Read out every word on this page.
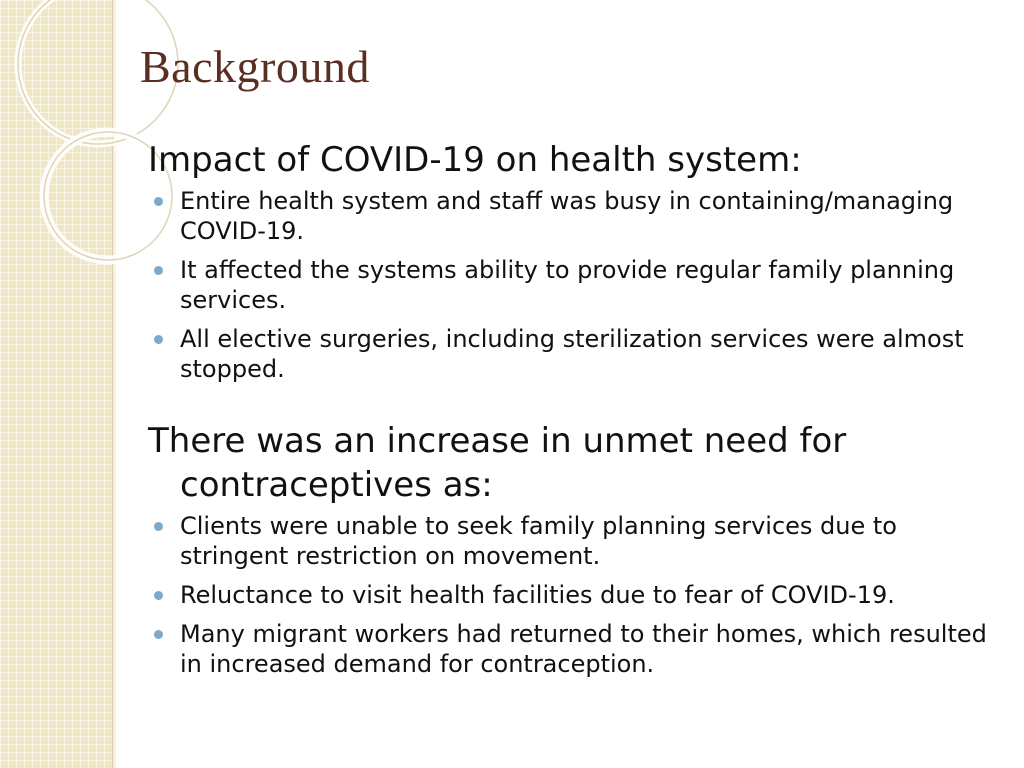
Background

Impact of COVID-19 on health system:

Entire health system and staff was busy in containing/managing COVID-19.
It affected the systems ability to provide regular family planning services.
All elective surgeries, including sterilization services were almost stopped.

There was an increase in unmet need for contraceptives as:

Clients were unable to seek family planning services due to stringent restriction on movement.
Reluctance to visit health facilities due to fear of COVID-19.
Many migrant workers had returned to their homes, which resulted in increased demand for contraception.
